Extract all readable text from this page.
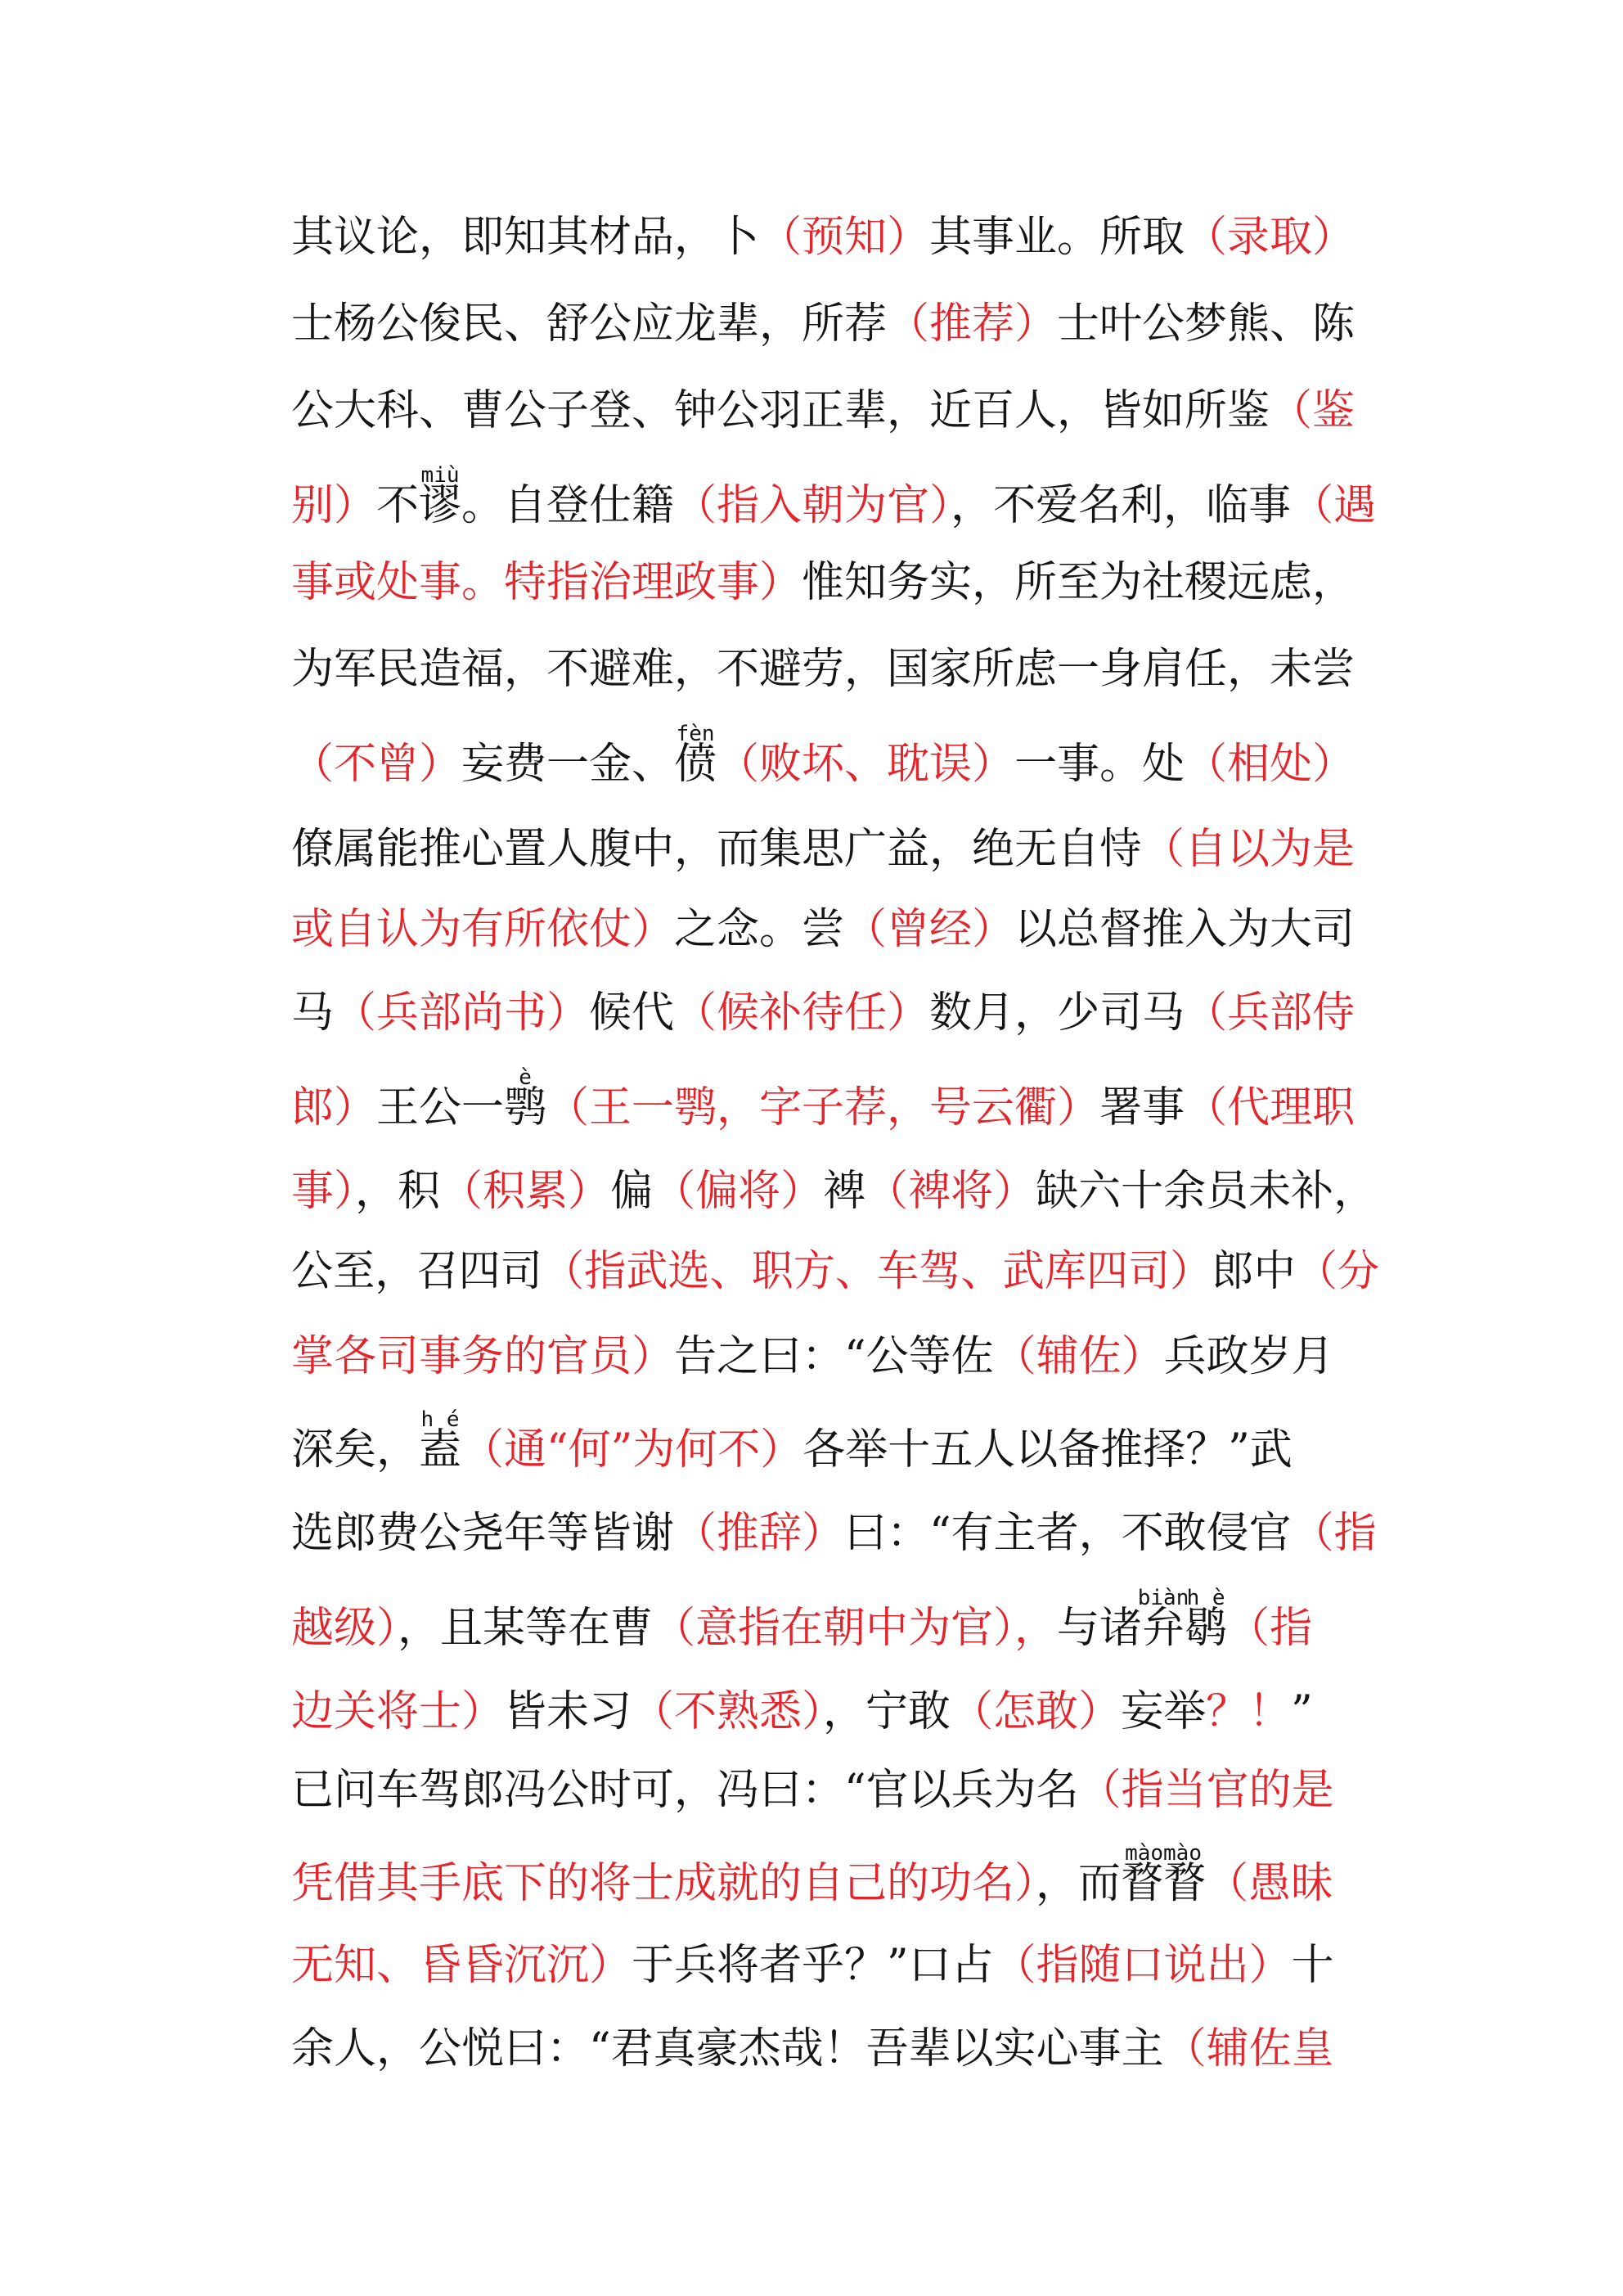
其议论，即知其材品，卜（预知）其事业。所取（录取）
士杨公俊民、舒公应龙辈，所荐（推荐）士叶公梦熊、陈
公大科、曹公子登、钟公羽正辈，近百人，皆如所鉴（鉴
别）不谬
miù
。自登仕籍（指入朝为官），不爱名利，临事（遇
事或处事。特指治理政事）惟知务实，所至为社稷远虑，
为军民造福，不避难，不避劳，国家所虑一身肩任，未尝
（不曾）妄费一金、偾
fèn
（败坏、耽误）一事。处（相处）
僚属能推心置人腹中，而集思广益，绝无自恃（自以为是
或自认为有所依仗）之念。尝（曾经）以总督推入为大司
马（兵部尚书）候代（候补待任）数月，少司马（兵部侍
郎）王公一鹗
è
（王一鹗，字子荐，号云衢）署事（代理职
事），积（积累）偏（偏将）裨（裨将）缺六十余员未补，
公至，召四司（指武选、职方、车驾、武库四司）郎中（分
掌各司事务的官员）告之曰：“公等佐（辅佐）兵政岁月
深矣，盍
h é
（通“何”为何不）各举十五人以备推择？”武
选郎费公尧年等皆谢（推辞）曰：“有主者，不敢侵官（指
越级），且某等在曹（意指在朝中为官），与诸弁
biàn
鹖
h è
（指
边关将士）皆未习（不熟悉），宁敢（怎敢）妄举？！”
已问车驾郎冯公时可，冯曰：“官以兵为名（指当官的是
凭借其手底下的将士成就的自己的功名），而瞀瞀
màomào
（愚昧
无知、昏昏沉沉）于兵将者乎？”口占（指随口说出）十
余人，公悦曰：“君真豪杰哉！吾辈以实心事主（辅佐皇
